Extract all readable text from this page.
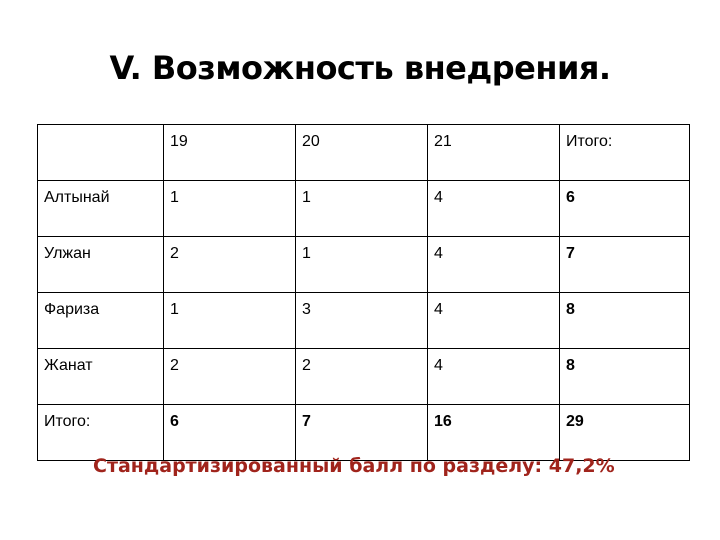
V. Возможность внедрения.
	19	20	21	Итого:
Алтынай	1	1	4	6
Улжан	2	1	4	7
Фариза	1	3	4	8
Жанат	2	2	4	8
Итого:	6	7	16	29
Стандартизированный балл по разделу: 47,2%
